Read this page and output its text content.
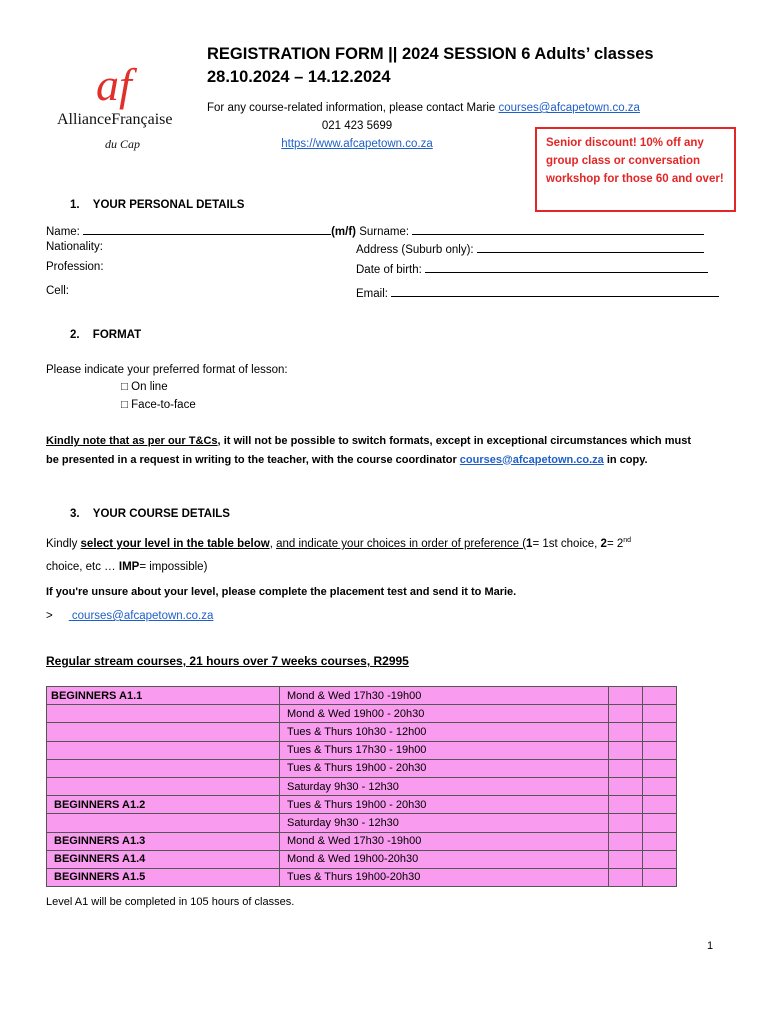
af
AllianceFrançaise
du Cap
REGISTRATION FORM || 2024 SESSION 6 Adults’ classes
28.10.2024 – 14.12.2024
For any course-related information, please contact Marie courses@afcapetown.co.za
021 423 5699
https://www.afcapetown.co.za	Senior discount! 10% off any group class or conversation workshop for those 60 and over!
1. YOUR PERSONAL DETAILS
Name:	(m/f) Surname:
Nationality:	Address (Suburb only):
Profession:	Date of birth:
Cell:	Email:
2. FORMAT
Please indicate your preferred format of lesson:
□ On line
□ Face-to-face
Kindly note that as per our T&Cs, it will not be possible to switch formats, except in exceptional circumstances which must be presented in a request in writing to the teacher, with the course coordinator courses@afcapetown.co.za in copy.
3. YOUR COURSE DETAILS
Kindly select your level in the table below, and indicate your choices in order of preference (1= 1st choice, 2= 2nd
choice, etc … IMP= impossible)
If you're unsure about your level, please complete the placement test and send it to Marie.
> courses@afcapetown.co.za
Regular stream courses, 21 hours over 7 weeks courses, R2995
BEGINNERS A1.1	Mond & Wed 17h30 -19h00		
	Mond & Wed 19h00 - 20h30		
	Tues & Thurs 10h30 - 12h00		
	Tues & Thurs 17h30 - 19h00		
	Tues & Thurs 19h00 - 20h30		
	Saturday 9h30 - 12h30		
BEGINNERS A1.2	Tues & Thurs 19h00 - 20h30		
	Saturday 9h30 - 12h30		
BEGINNERS A1.3	Mond & Wed 17h30 -19h00		
BEGINNERS A1.4	Mond & Wed 19h00-20h30		
BEGINNERS A1.5	Tues & Thurs 19h00-20h30		
Level A1 will be completed in 105 hours of classes.
1
